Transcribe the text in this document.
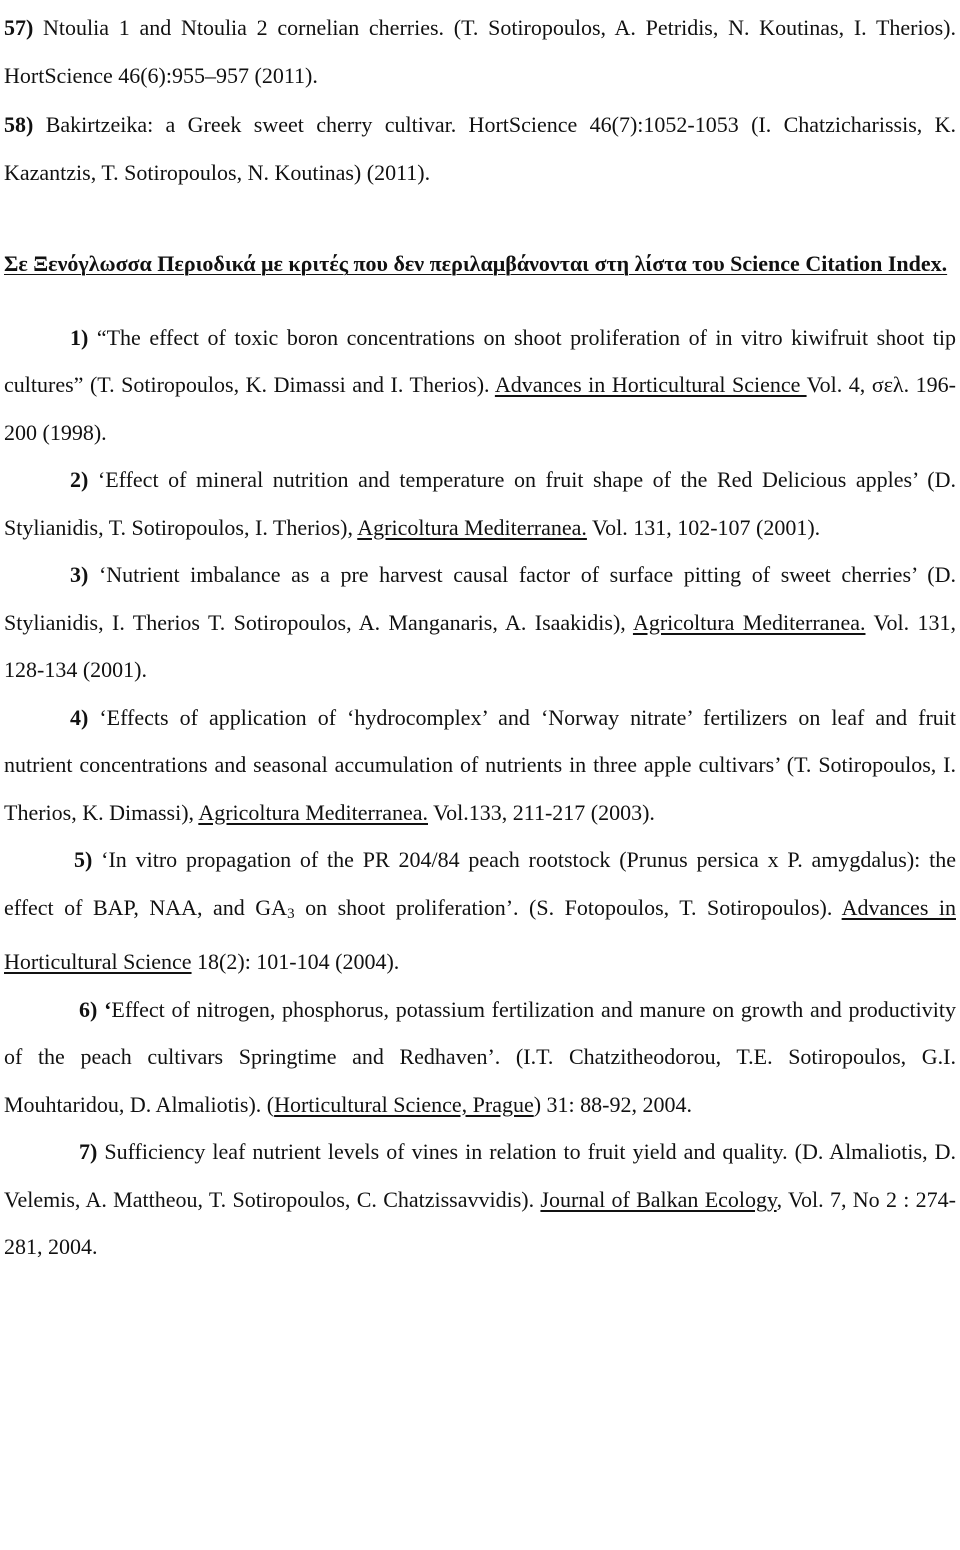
57) Ntoulia 1 and Ntoulia 2 cornelian cherries. (T. Sotiropoulos, A. Petridis, N. Koutinas, I. Therios). HortScience 46(6):955–957 (2011).

58) Bakirtzeika: a Greek sweet cherry cultivar. HortScience 46(7):1052-1053 (I. Chatzicharissis, K. Kazantzis, T. Sotiropoulos, N. Koutinas) (2011).

Σε Ξενόγλωσσα Περιοδικά με κριτές που δεν περιλαμβάνονται στη λίστα του Science Citation Index.

1) “The effect of toxic boron concentrations on shoot proliferation of in vitro kiwifruit shoot tip cultures” (T. Sotiropoulos, K. Dimassi and I. Therios). Advances in Horticultural Science Vol. 4, σελ. 196-200 (1998).

2) ‘Effect of mineral nutrition and temperature on fruit shape of the Red Delicious apples’ (D. Stylianidis, T. Sotiropoulos, I. Therios), Agricoltura Mediterranea. Vol. 131, 102-107 (2001).

3) ‘Nutrient imbalance as a pre harvest causal factor of surface pitting of sweet cherries’ (D. Stylianidis, I. Therios T. Sotiropoulos, A. Manganaris, A. Isaakidis), Agricoltura Mediterranea. Vol. 131, 128-134 (2001).

4) ‘Effects of application of ‘hydrocomplex’ and ‘Norway nitrate’ fertilizers on leaf and fruit nutrient concentrations and seasonal accumulation of nutrients in three apple cultivars’ (T. Sotiropoulos, I. Therios, K. Dimassi), Agricoltura Mediterranea. Vol.133, 211-217 (2003).

5) ‘In vitro propagation of the PR 204/84 peach rootstock (Prunus persica x P. amygdalus): the effect of BAP, NAA, and $GA_3$ on shoot proliferation’. (S. Fotopoulos, T. Sotiropoulos). Advances in Horticultural Science 18(2): 101-104 (2004).

6) ‘Effect of nitrogen, phosphorus, potassium fertilization and manure on growth and productivity of the peach cultivars Springtime and Redhaven’. (I.T. Chatzitheodorou, T.E. Sotiropoulos, G.I. Mouhtaridou, D. Almaliotis). (Horticultural Science, Prague) 31: 88-92, 2004.

7) Sufficiency leaf nutrient levels of vines in relation to fruit yield and quality. (D. Almaliotis, D. Velemis, A. Mattheou, T. Sotiropoulos, C. Chatzissavvidis). Journal of Balkan Ecology, Vol. 7, No 2 : 274-281, 2004.
